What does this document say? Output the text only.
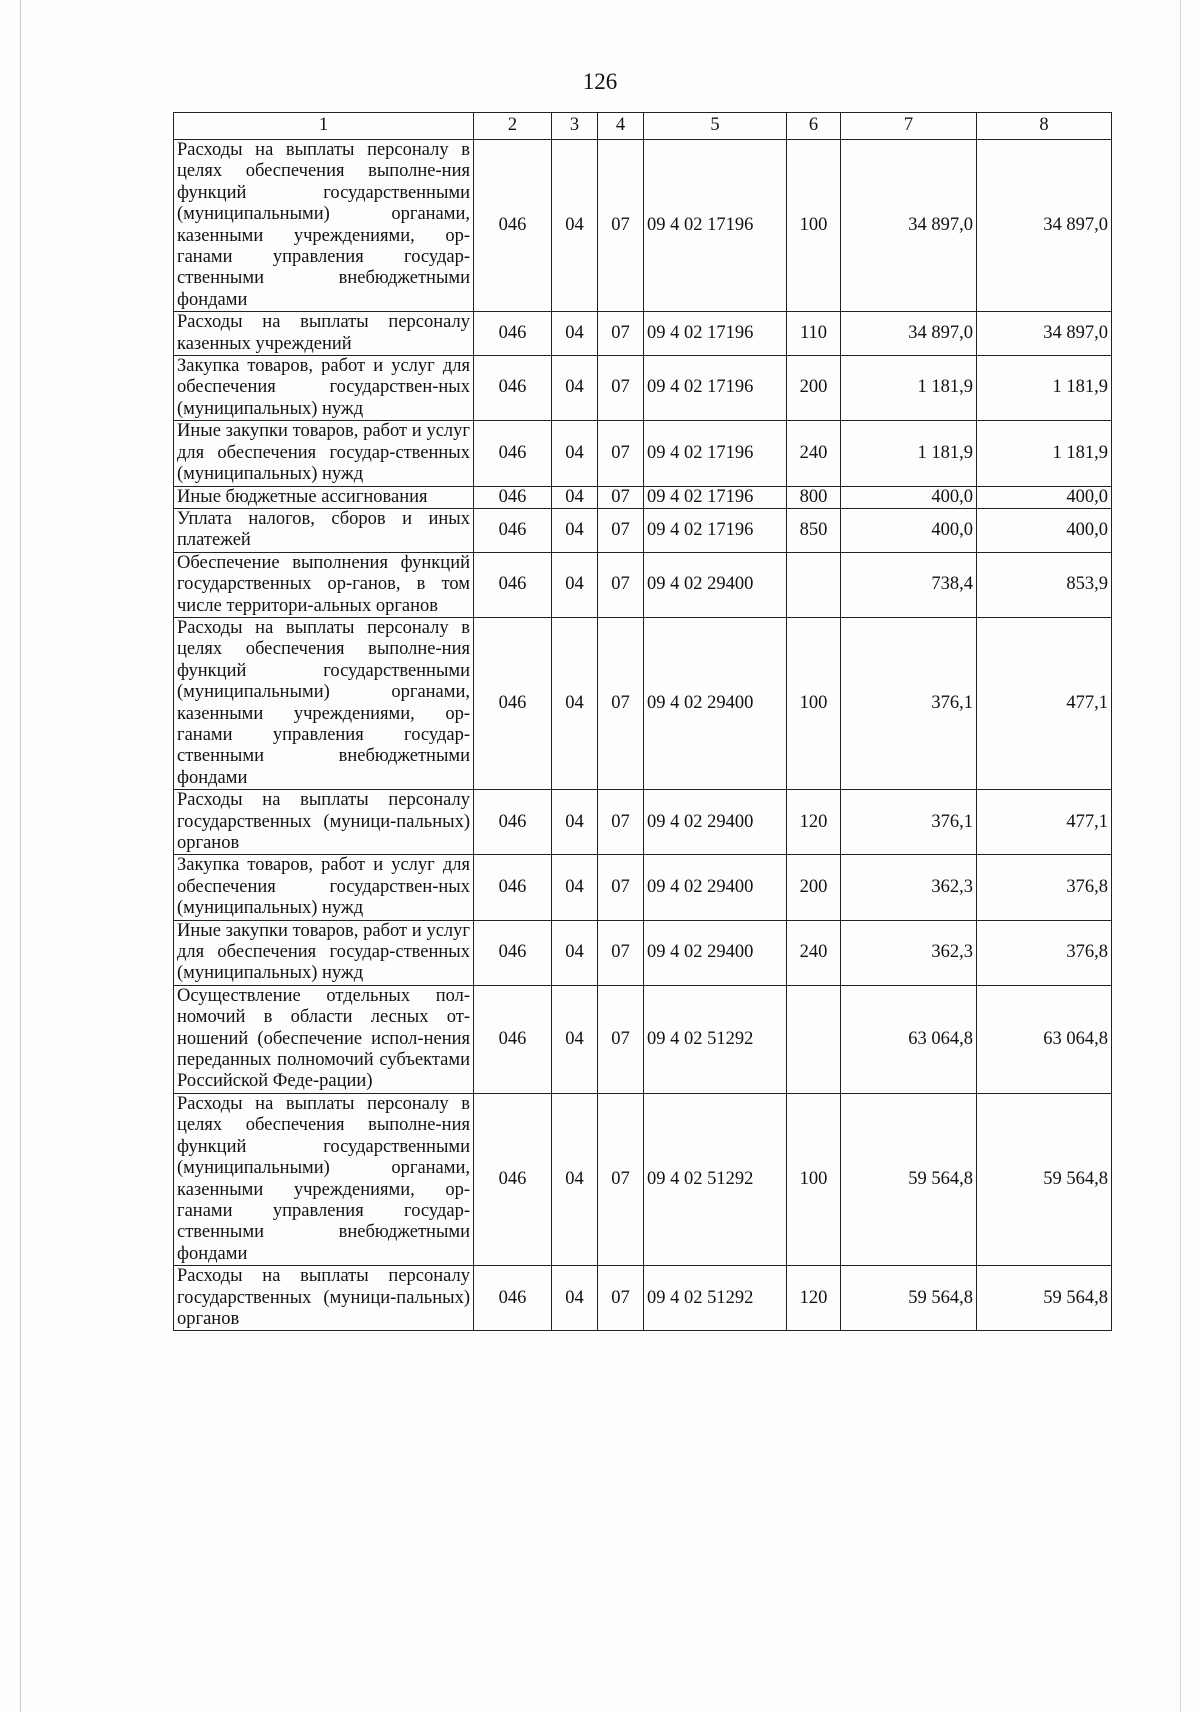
126
1	2	3	4	5	6	7	8
Расходы на выплаты персоналу в целях обеспечения выполне-ния функций государственными (муниципальными) органами, казенными учреждениями, ор-ганами управления государ-ственными внебюджетными фондами	046	04	07	09 4 02 17196	100	34 897,0	34 897,0
Расходы на выплаты персоналу казенных учреждений	046	04	07	09 4 02 17196	110	34 897,0	34 897,0
Закупка товаров, работ и услуг для обеспечения государствен-ных (муниципальных) нужд	046	04	07	09 4 02 17196	200	1 181,9	1 181,9
Иные закупки товаров, работ и услуг для обеспечения государ-ственных (муниципальных) нужд	046	04	07	09 4 02 17196	240	1 181,9	1 181,9
Иные бюджетные ассигнования	046	04	07	09 4 02 17196	800	400,0	400,0
Уплата налогов, сборов и иных платежей	046	04	07	09 4 02 17196	850	400,0	400,0
Обеспечение выполнения функций государственных ор-ганов, в том числе территори-альных органов	046	04	07	09 4 02 29400		738,4	853,9
Расходы на выплаты персоналу в целях обеспечения выполне-ния функций государственными (муниципальными) органами, казенными учреждениями, ор-ганами управления государ-ственными внебюджетными фондами	046	04	07	09 4 02 29400	100	376,1	477,1
Расходы на выплаты персоналу государственных (муници-пальных) органов	046	04	07	09 4 02 29400	120	376,1	477,1
Закупка товаров, работ и услуг для обеспечения государствен-ных (муниципальных) нужд	046	04	07	09 4 02 29400	200	362,3	376,8
Иные закупки товаров, работ и услуг для обеспечения государ-ственных (муниципальных) нужд	046	04	07	09 4 02 29400	240	362,3	376,8
Осуществление отдельных пол-номочий в области лесных от-ношений (обеспечение испол-нения переданных полномочий субъектами Российской Феде-рации)	046	04	07	09 4 02 51292		63 064,8	63 064,8
Расходы на выплаты персоналу в целях обеспечения выполне-ния функций государственными (муниципальными) органами, казенными учреждениями, ор-ганами управления государ-ственными внебюджетными фондами	046	04	07	09 4 02 51292	100	59 564,8	59 564,8
Расходы на выплаты персоналу государственных (муници-пальных) органов	046	04	07	09 4 02 51292	120	59 564,8	59 564,8
